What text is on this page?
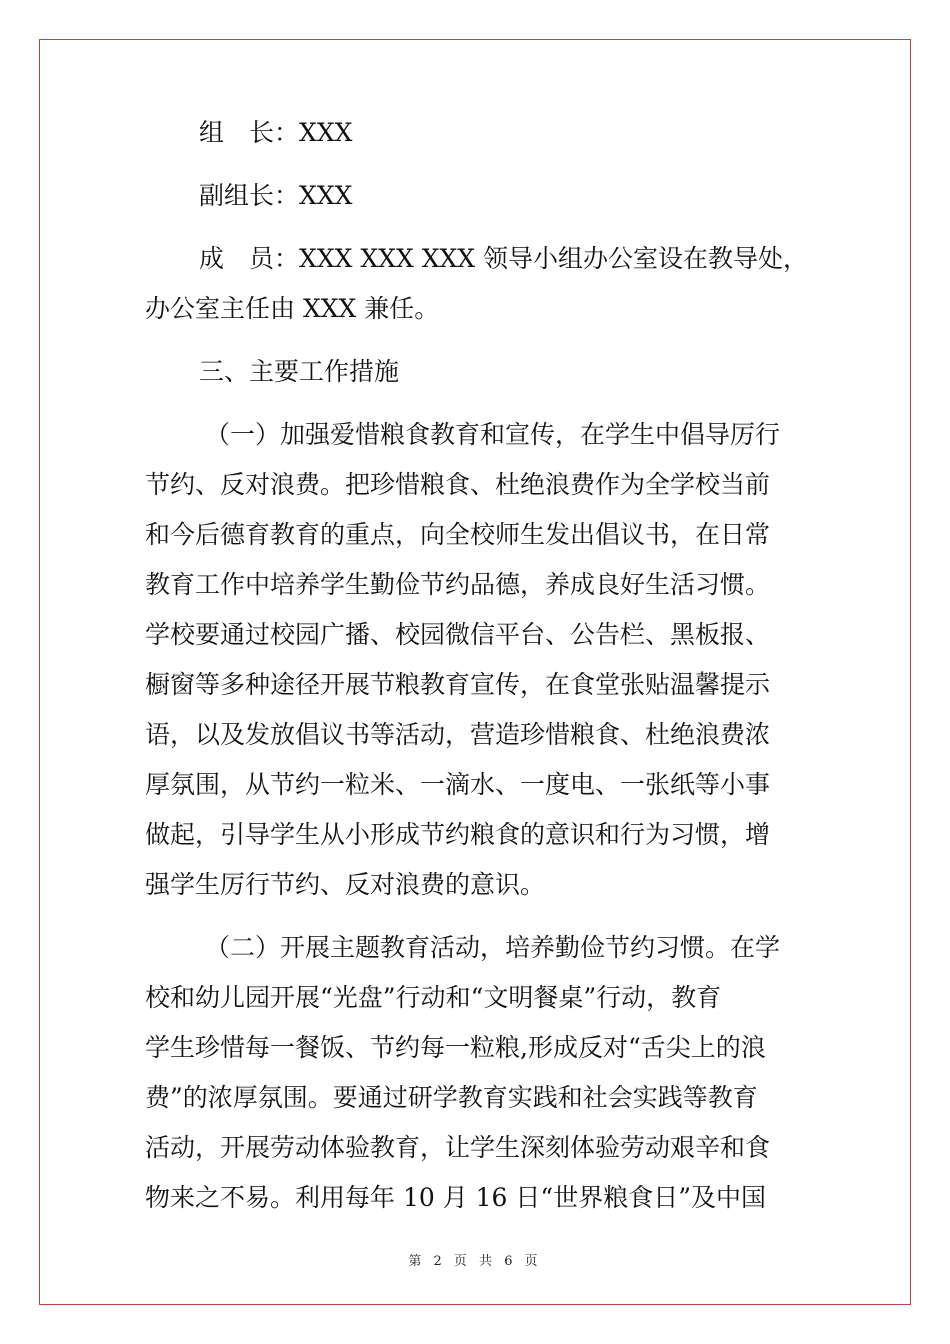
组　长：XXX
副组长：XXX
成　员：XXX XXX XXX 领导小组办公室设在教导处，
办公室主任由 XXX 兼任。
三、主要工作措施
（一）加强爱惜粮食教育和宣传，在学生中倡导厉行
节约、反对浪费。把珍惜粮食、杜绝浪费作为全学校当前
和今后德育教育的重点，向全校师生发出倡议书，在日常
教育工作中培养学生勤俭节约品德，养成良好生活习惯。
学校要通过校园广播、校园微信平台、公告栏、黑板报、
橱窗等多种途径开展节粮教育宣传，在食堂张贴温馨提示
语，以及发放倡议书等活动，营造珍惜粮食、杜绝浪费浓
厚氛围，从节约一粒米、一滴水、一度电、一张纸等小事
做起，引导学生从小形成节约粮食的意识和行为习惯，增
强学生厉行节约、反对浪费的意识。
（二）开展主题教育活动，培养勤俭节约习惯。在学
校和幼儿园开展“光盘”行动和“文明餐桌”行动，教育
学生珍惜每一餐饭、节约每一粒粮,形成反对“舌尖上的浪
费”的浓厚氛围。要通过研学教育实践和社会实践等教育
活动，开展劳动体验教育，让学生深刻体验劳动艰辛和食
物来之不易。利用每年 10 月 16 日“世界粮食日”及中国
第 2 页 共 6 页
